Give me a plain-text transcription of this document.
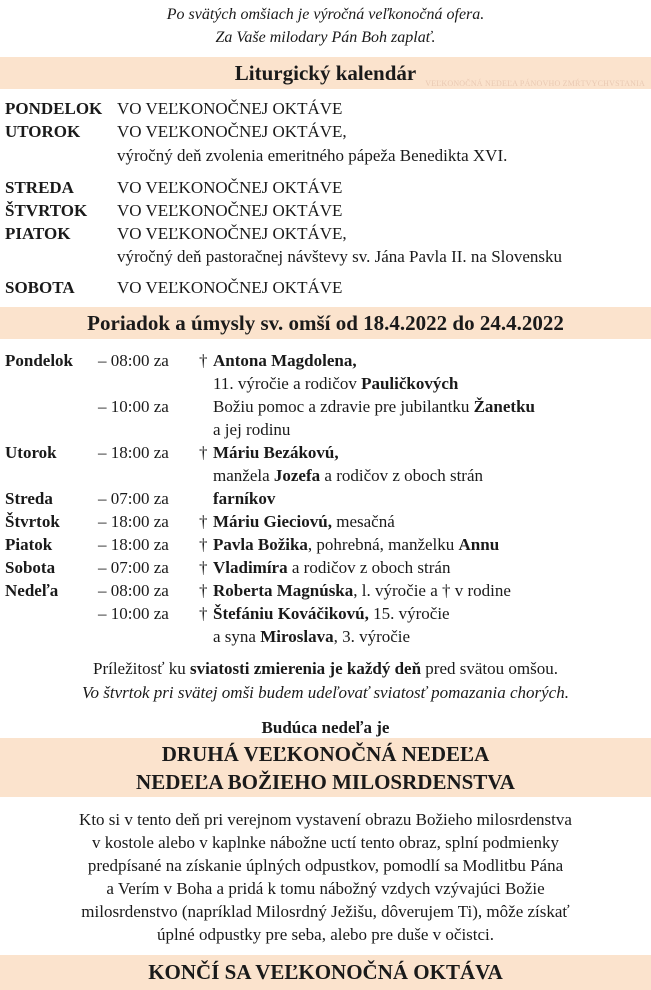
Po svätých omšiach je výročná veľkonočná ofera.
Za Vaše milodary Pán Boh zaplať.
Liturgický kalendár	VEĽKONOČNÁ NEDEĽA PÁNOVHO ZMŔTVYCHVSTANIA
PONDELOK VO VEĽKONOČNEJ OKTÁVE
UTOROK VO VEĽKONOČNEJ OKTÁVE,
výročný deň zvolenia emeritného pápeža Benedikta XVI.
STREDA	VO VEĽKONOČNEJ OKTÁVE
ŠTVRTOK VO VEĽKONOČNEJ OKTÁVE
PIATOK	VO VEĽKONOČNEJ OKTÁVE,
výročný deň pastoračnej návštevy sv. Jána Pavla II. na Slovensku
SOBOTA VO VEĽKONOČNEJ OKTÁVE
Poriadok a úmysly sv. omší od 18.4.2022 do 24.4.2022
Pondelok – 08:00 za	† Antona Magdolena,
11. výročie a rodičov Pauličkových
– 10:00 za	Božiu pomoc a zdravie pre jubilantku Žanetku
a jej rodinu
Utorok – 18:00 za	† Máriu Bezákovú,
manžela Jozefa a rodičov z oboch strán
Streda	– 07:00 za	farníkov
Štvrtok – 18:00 za	† Máriu Gieciovú, mesačná
Piatok	– 18:00 za	† Pavla Božika, pohrebná, manželku Annu
Sobota	– 07:00 za	† Vladimíra a rodičov z oboch strán
Nedeľa – 08:00 za	† Roberta Magnúska, l. výročie a † v rodine
– 10:00 za	† Štefániu Kováčikovú, 15. výročie
a syna Miroslava, 3. výročie
Príležitosť ku sviatosti zmierenia je každý deň pred svätou omšou.
Vo štvrtok pri svätej omši budem udeľovať sviatosť pomazania chorých.
Budúca nedeľa je
DRUHÁ VEĽKONOČNÁ NEDEĽA
NEDEĽA BOŽIEHO MILOSRDENSTVA
Kto si v tento deň pri verejnom vystavení obrazu Božieho milosrdenstva
v kostole alebo v kaplnke nábožne uctí tento obraz, splní podmienky
predpísané na získanie úplných odpustkov, pomodlí sa Modlitbu Pána
a Verím v Boha a pridá k tomu nábožný vzdych vzývajúci Božie
milosrdenstvo (napríklad Milosrdný Ježišu, dôverujem Ti), môže získať
úplné odpustky pre seba, alebo pre duše v očistci.
KONČÍ SA VEĽKONOČNÁ OKTÁVA
